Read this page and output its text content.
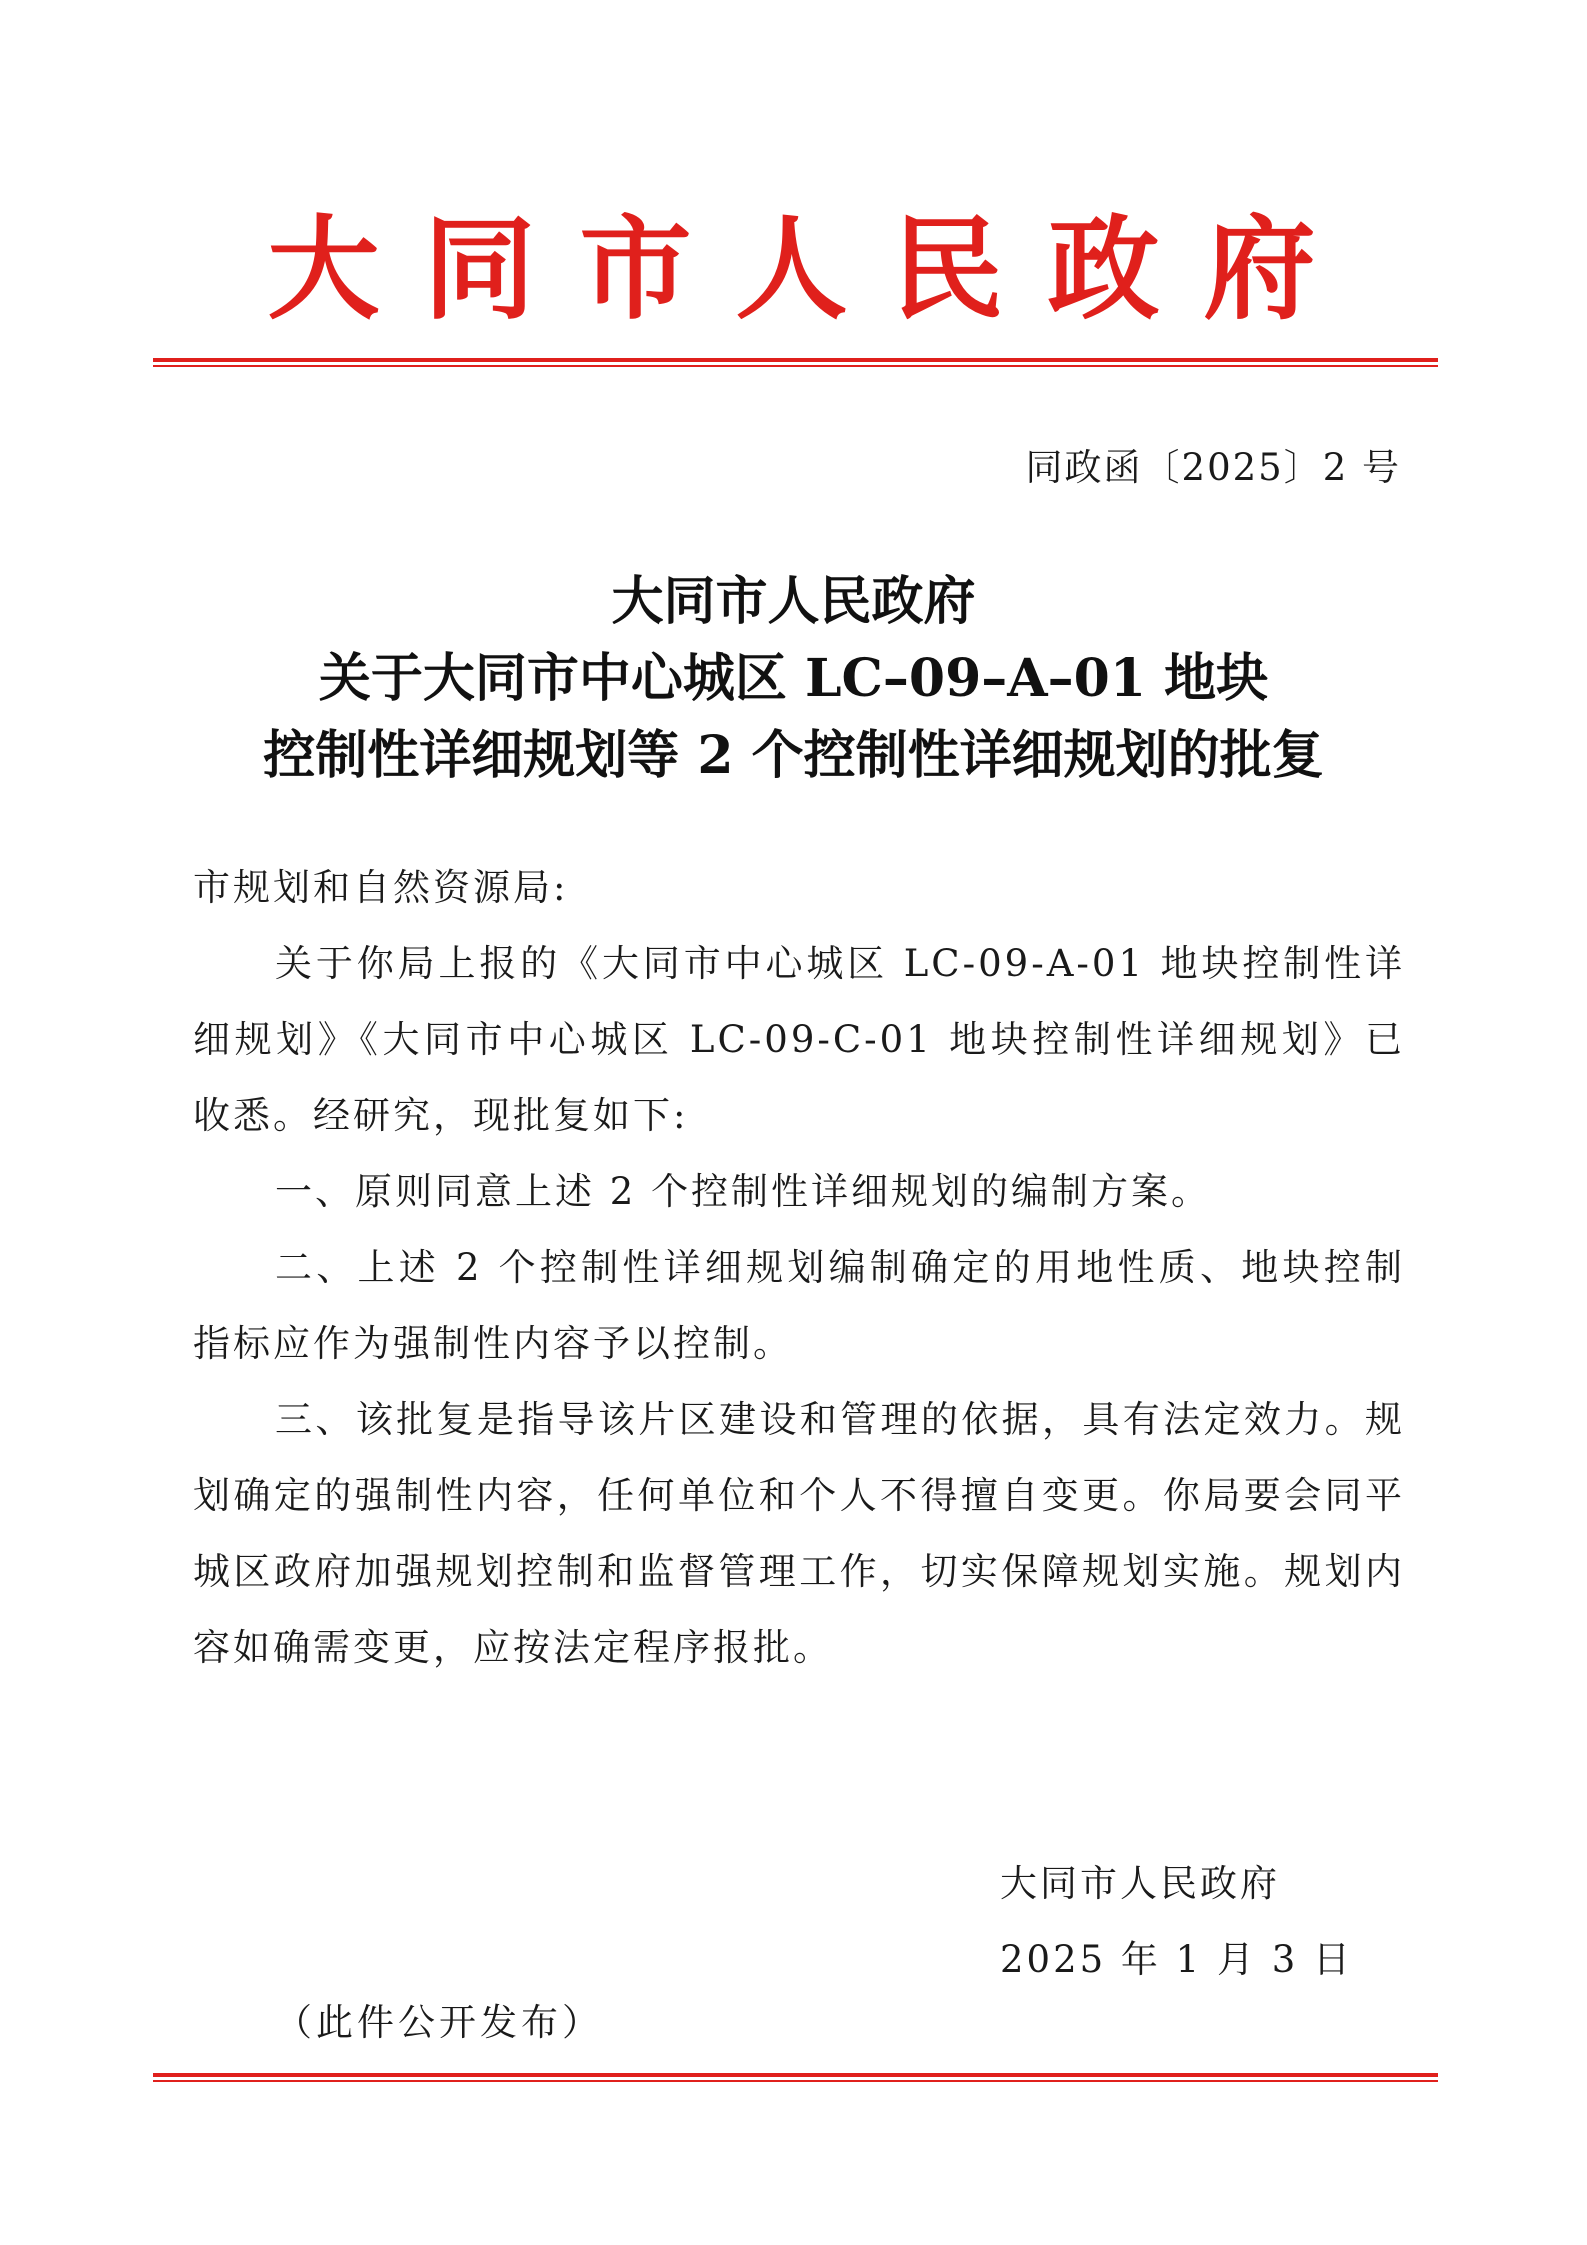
大同市人民政府
同政函〔2025〕2 号
大同市人民政府
关于大同市中心城区 LC–09–A–01 地块
控制性详细规划等 2 个控制性详细规划的批复

市规划和自然资源局:

关于你局上报的《大同市中心城区 LC-09-A-01 地块控制性详细规划》《大同市中心城区 LC-09-C-01 地块控制性详细规划》已收悉。经研究，现批复如下:

一、原则同意上述 2 个控制性详细规划的编制方案。

二、上述 2 个控制性详细规划编制确定的用地性质、地块控制指标应作为强制性内容予以控制。

三、该批复是指导该片区建设和管理的依据，具有法定效力。规划确定的强制性内容，任何单位和个人不得擅自变更。你局要会同平城区政府加强规划控制和监督管理工作，切实保障规划实施。规划内容如确需变更，应按法定程序报批。

大同市人民政府
2025 年 1 月 3 日
（此件公开发布）
